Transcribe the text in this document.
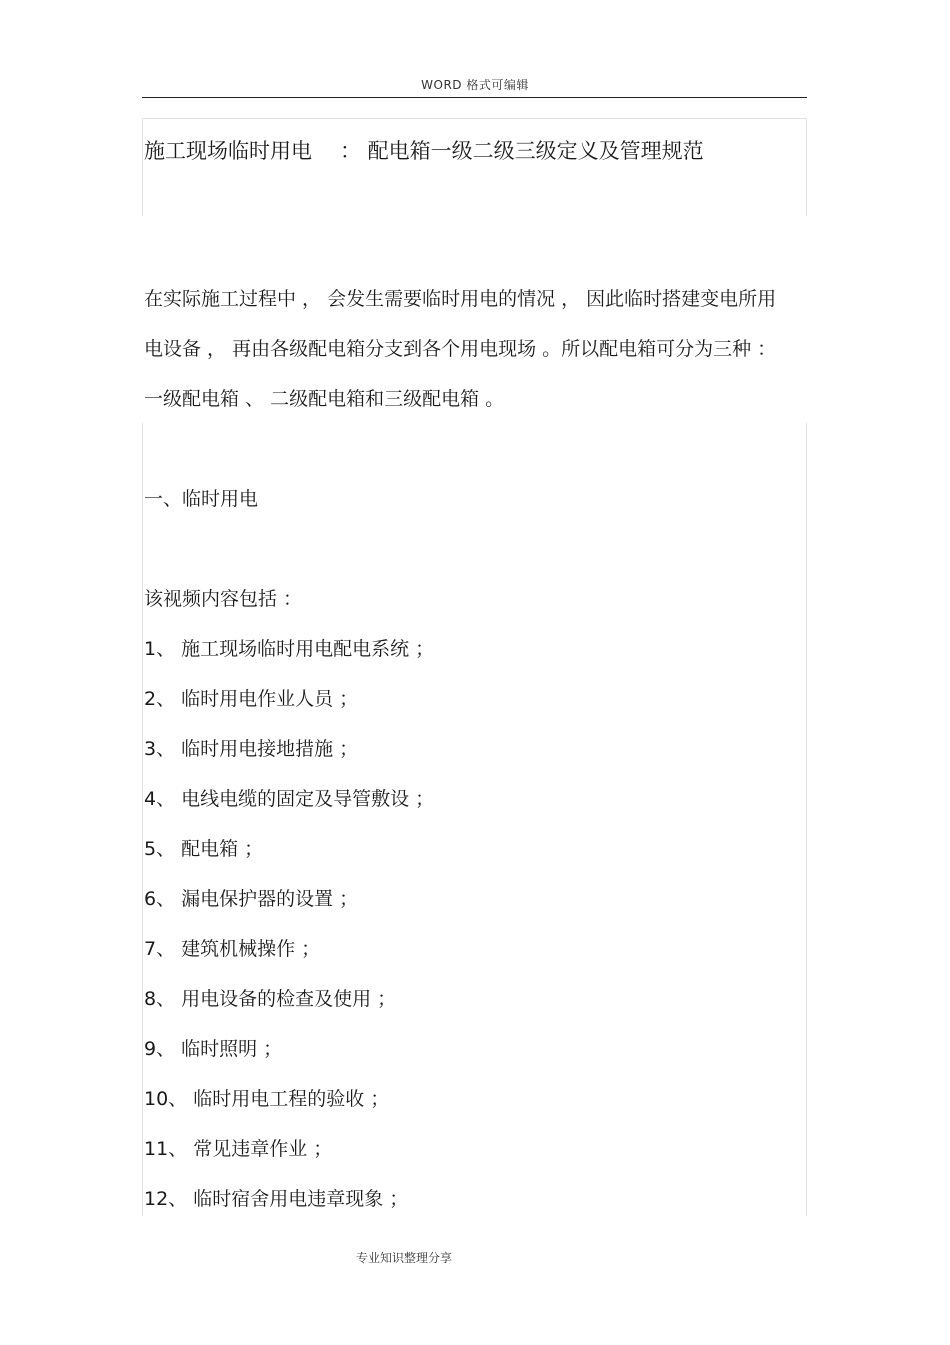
WORD 格式可编辑
施工现场临时用电 ： 配电箱一级二级三级定义及管理规范

在实际施工过程中 ， 会发生需要临时用电的情况 ， 因此临时搭建变电所用电设备 ， 再由各级配电箱分支到各个用电现场 。所以配电箱可分为三种 ： 一级配电箱 、 二级配电箱和三级配电箱 。

一、临时用电

该视频内容包括 ：

1、 施工现场临时用电配电系统 ；
2、 临时用电作业人员 ；
3、 临时用电接地措施 ；
4、 电线电缆的固定及导管敷设 ；
5、 配电箱 ；
6、 漏电保护器的设置 ；
7、 建筑机械操作 ；
8、 用电设备的检查及使用 ；
9、 临时照明 ；
10、 临时用电工程的验收 ；
11、 常见违章作业 ；
12、 临时宿舍用电违章现象 ；
专业知识整理分享
